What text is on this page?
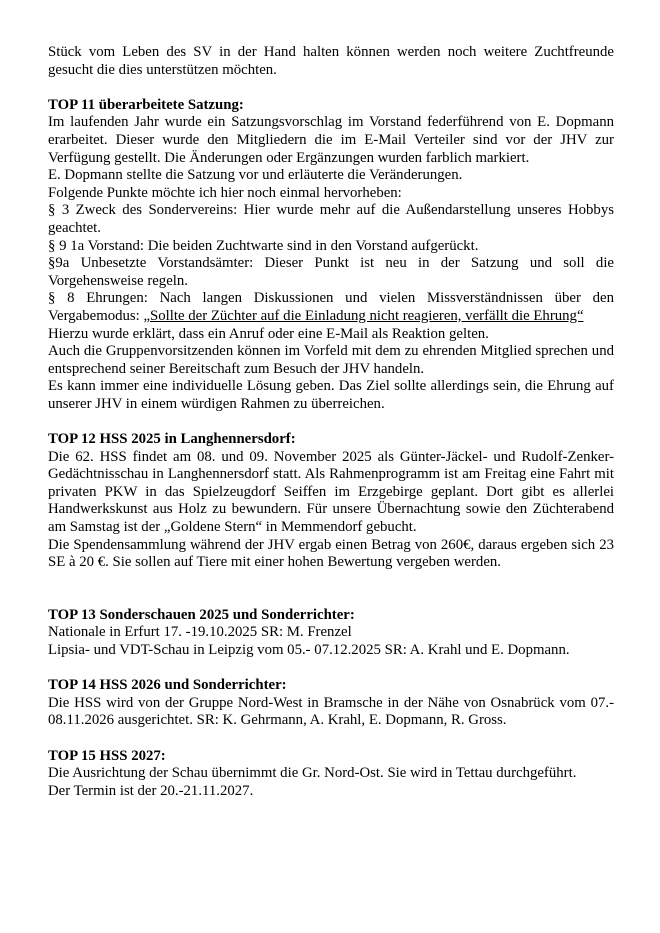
Stück vom Leben des SV in der Hand halten können werden noch weitere Zuchtfreunde gesucht die dies unterstützen möchten.

TOP 11 überarbeitete Satzung:

Im laufenden Jahr wurde ein Satzungsvorschlag im Vorstand federführend von E. Dopmann erarbeitet. Dieser wurde den Mitgliedern die im E-Mail Verteiler sind vor der JHV zur Verfügung gestellt. Die Änderungen oder Ergänzungen wurden farblich markiert.

E. Dopmann stellte die Satzung vor und erläuterte die Veränderungen.

Folgende Punkte möchte ich hier noch einmal hervorheben:

§ 3 Zweck des Sondervereins: Hier wurde mehr auf die Außendarstellung unseres Hobbys geachtet.

§ 9 1a Vorstand: Die beiden Zuchtwarte sind in den Vorstand aufgerückt.

§9a Unbesetzte Vorstandsämter: Dieser Punkt ist neu in der Satzung und soll die Vorgehensweise regeln.

§ 8 Ehrungen: Nach langen Diskussionen und vielen Missverständnissen über den Vergabemodus: „Sollte der Züchter auf die Einladung nicht reagieren, verfällt die Ehrung“

Hierzu wurde erklärt, dass ein Anruf oder eine E-Mail als Reaktion gelten.

Auch die Gruppenvorsitzenden können im Vorfeld mit dem zu ehrenden Mitglied sprechen und entsprechend seiner Bereitschaft zum Besuch der JHV handeln.

Es kann immer eine individuelle Lösung geben. Das Ziel sollte allerdings sein, die Ehrung auf unserer JHV in einem würdigen Rahmen zu überreichen.

TOP 12 HSS 2025 in Langhennersdorf:

Die 62. HSS findet am 08. und 09. November 2025 als Günter-Jäckel- und Rudolf-Zenker-Gedächtnisschau in Langhennersdorf statt. Als Rahmenprogramm ist am Freitag eine Fahrt mit privaten PKW in das Spielzeugdorf Seiffen im Erzgebirge geplant. Dort gibt es allerlei Handwerkskunst aus Holz zu bewundern. Für unsere Übernachtung sowie den Züchterabend am Samstag ist der „Goldene Stern“ in Memmendorf gebucht.

Die Spendensammlung während der JHV ergab einen Betrag von 260€, daraus ergeben sich 23 SE à 20 €. Sie sollen auf Tiere mit einer hohen Bewertung vergeben werden.

TOP 13 Sonderschauen 2025 und Sonderrichter:

Nationale in Erfurt 17. -19.10.2025 SR: M. Frenzel

Lipsia- und VDT-Schau in Leipzig vom 05.- 07.12.2025 SR: A. Krahl und E. Dopmann.

TOP 14 HSS 2026 und Sonderrichter:

Die HSS wird von der Gruppe Nord-West in Bramsche in der Nähe von Osnabrück vom 07.- 08.11.2026 ausgerichtet. SR: K. Gehrmann, A. Krahl, E. Dopmann, R. Gross.

TOP 15 HSS 2027:

Die Ausrichtung der Schau übernimmt die Gr. Nord-Ost. Sie wird in Tettau durchgeführt.

Der Termin ist der 20.-21.11.2027.
